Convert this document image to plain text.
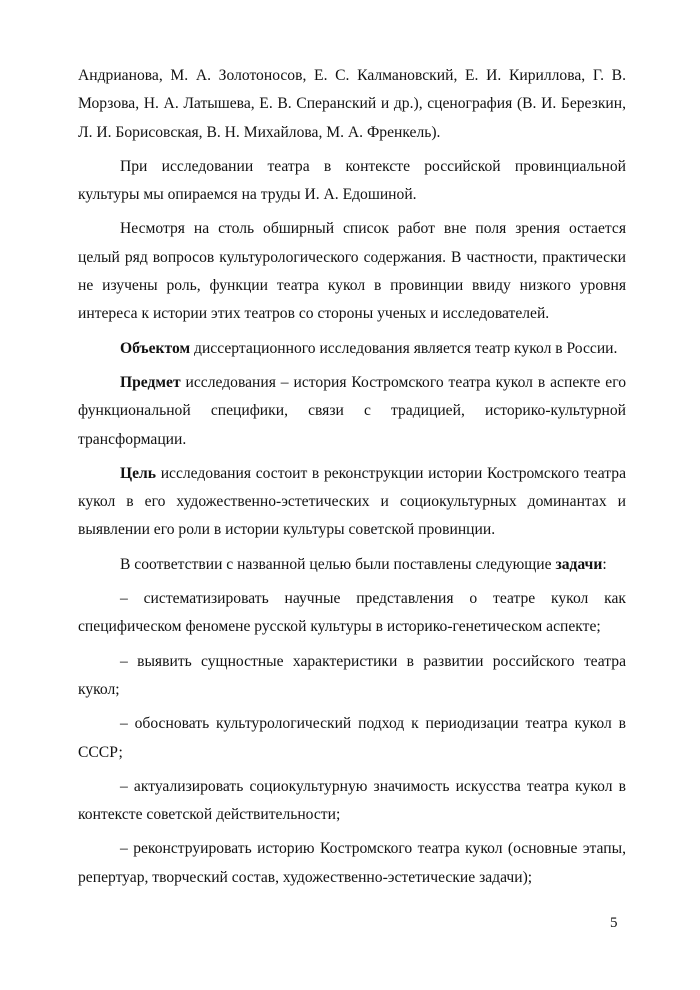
Андрианова, М. А. Золотоносов, Е. С. Калмановский, Е. И. Кириллова, Г. В. Морзова, Н. А. Латышева, Е. В. Сперанский и др.), сценография (В. И. Березкин, Л. И. Борисовская, В. Н. Михайлова, М. А. Френкель).

При исследовании театра в контексте российской провинциальной культуры мы опираемся на труды И. А. Едошиной.

Несмотря на столь обширный список работ вне поля зрения остается целый ряд вопросов культурологического содержания. В частности, практически не изучены роль, функции театра кукол в провинции ввиду низкого уровня интереса к истории этих театров со стороны ученых и исследователей.

Объектом диссертационного исследования является театр кукол в России.

Предмет исследования – история Костромского театра кукол в аспекте его функциональной специфики, связи с традицией, историко-культурной трансформации.

Цель исследования состоит в реконструкции истории Костромского театра кукол в его художественно-эстетических и социокультурных доминантах и выявлении его роли в истории культуры советской провинции.

В соответствии с названной целью были поставлены следующие задачи:

– систематизировать научные представления о театре кукол как специфическом феномене русской культуры в историко-генетическом аспекте;

– выявить сущностные характеристики в развитии российского театра кукол;

– обосновать культурологический подход к периодизации театра кукол в СССР;

– актуализировать социокультурную значимость искусства театра кукол в контексте советской действительности;

– реконструировать историю Костромского театра кукол (основные этапы, репертуар, творческий состав, художественно-эстетические задачи);

5
